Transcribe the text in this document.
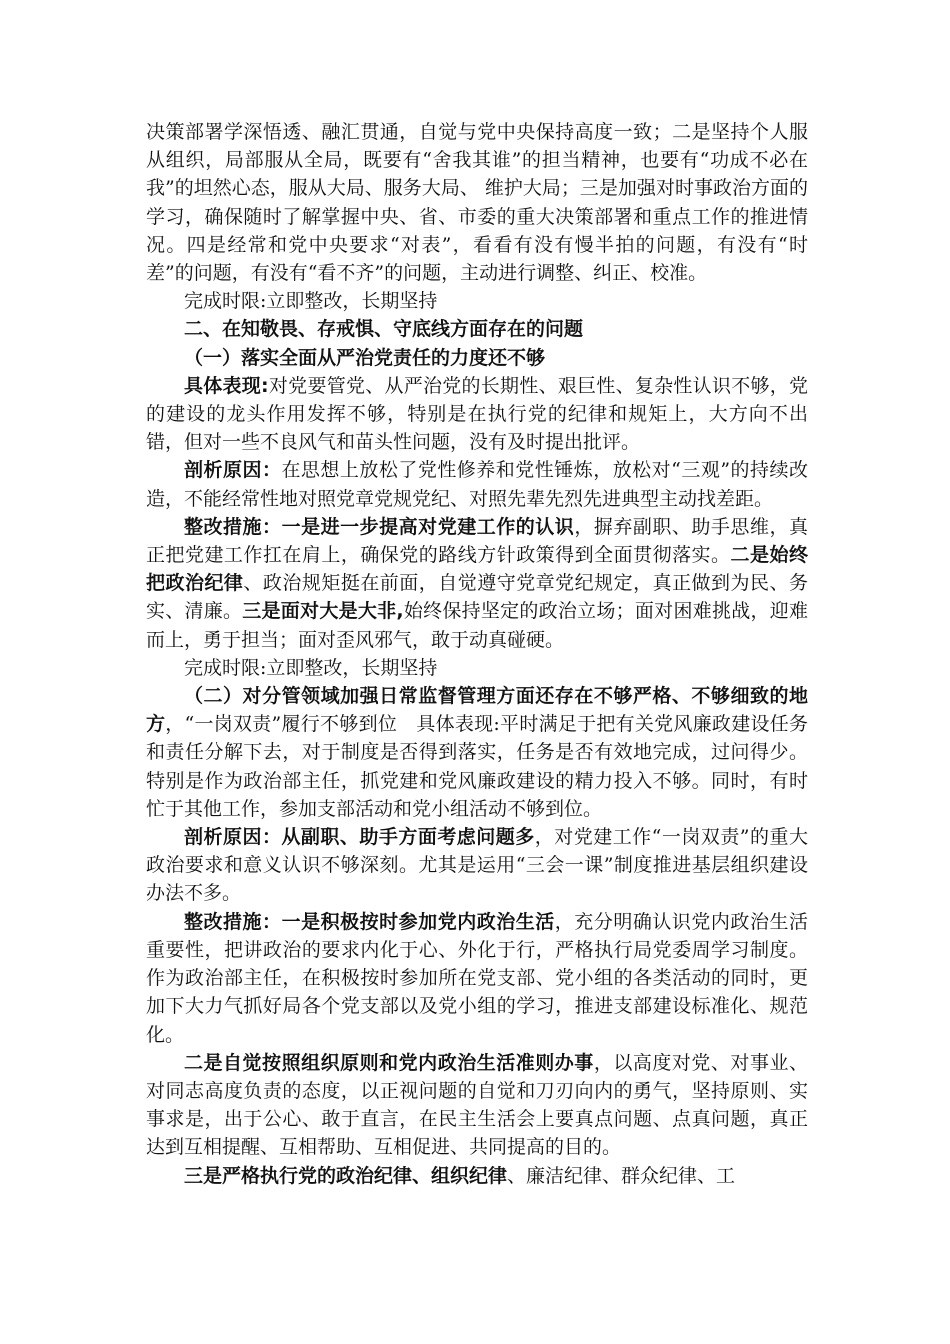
决策部署学深悟透、融汇贯通，自觉与党中央保持高度一致；二是坚持个人服从组织，局部服从全局，既要有“舍我其谁”的担当精神，也要有“功成不必在我”的坦然心态，服从大局、服务大局、 维护大局；三是加强对时事政治方面的学习，确保随时了解掌握中央、省、市委的重大决策部署和重点工作的推进情况。四是经常和党中央要求“对表”，看看有没有慢半拍的问题，有没有“时差”的问题，有没有“看不齐”的问题，主动进行调整、纠正、校准。

完成时限:立即整改，长期坚持

二、在知敬畏、存戒惧、守底线方面存在的问题

（一）落实全面从严治党责任的力度还不够

具体表现:对党要管党、从严治党的长期性、艰巨性、复杂性认识不够，党的建设的龙头作用发挥不够，特别是在执行党的纪律和规矩上，大方向不出错，但对一些不良风气和苗头性问题，没有及时提出批评。

剖析原因：在思想上放松了党性修养和党性锤炼，放松对“三观”的持续改造，不能经常性地对照党章党规党纪、对照先辈先烈先进典型主动找差距。

整改措施：一是进一步提高对党建工作的认识，摒弃副职、助手思维，真正把党建工作扛在肩上，确保党的路线方针政策得到全面贯彻落实。二是始终把政治纪律、政治规矩挺在前面，自觉遵守党章党纪规定，真正做到为民、务实、清廉。三是面对大是大非,始终保持坚定的政治立场；面对困难挑战，迎难而上，勇于担当；面对歪风邪气，敢于动真碰硬。

完成时限:立即整改，长期坚持

（二）对分管领域加强日常监督管理方面还存在不够严格、不够细致的地方，“一岗双责”履行不够到位　具体表现:平时满足于把有关党风廉政建设任务和责任分解下去，对于制度是否得到落实，任务是否有效地完成，过问得少。特别是作为政治部主任，抓党建和党风廉政建设的精力投入不够。同时，有时忙于其他工作，参加支部活动和党小组活动不够到位。

剖析原因：从副职、助手方面考虑问题多，对党建工作“一岗双责”的重大政治要求和意义认识不够深刻。尤其是运用“三会一课”制度推进基层组织建设办法不多。

整改措施：一是积极按时参加党内政治生活，充分明确认识党内政治生活重要性，把讲政治的要求内化于心、外化于行，严格执行局党委周学习制度。作为政治部主任，在积极按时参加所在党支部、党小组的各类活动的同时，更加下大力气抓好局各个党支部以及党小组的学习，推进支部建设标准化、规范化。

二是自觉按照组织原则和党内政治生活准则办事，以高度对党、对事业、对同志高度负责的态度，以正视问题的自觉和刀刃向内的勇气，坚持原则、实事求是，出于公心、敢于直言，在民主生活会上要真点问题、点真问题，真正达到互相提醒、互相帮助、互相促进、共同提高的目的。

三是严格执行党的政治纪律、组织纪律、廉洁纪律、群众纪律、工
